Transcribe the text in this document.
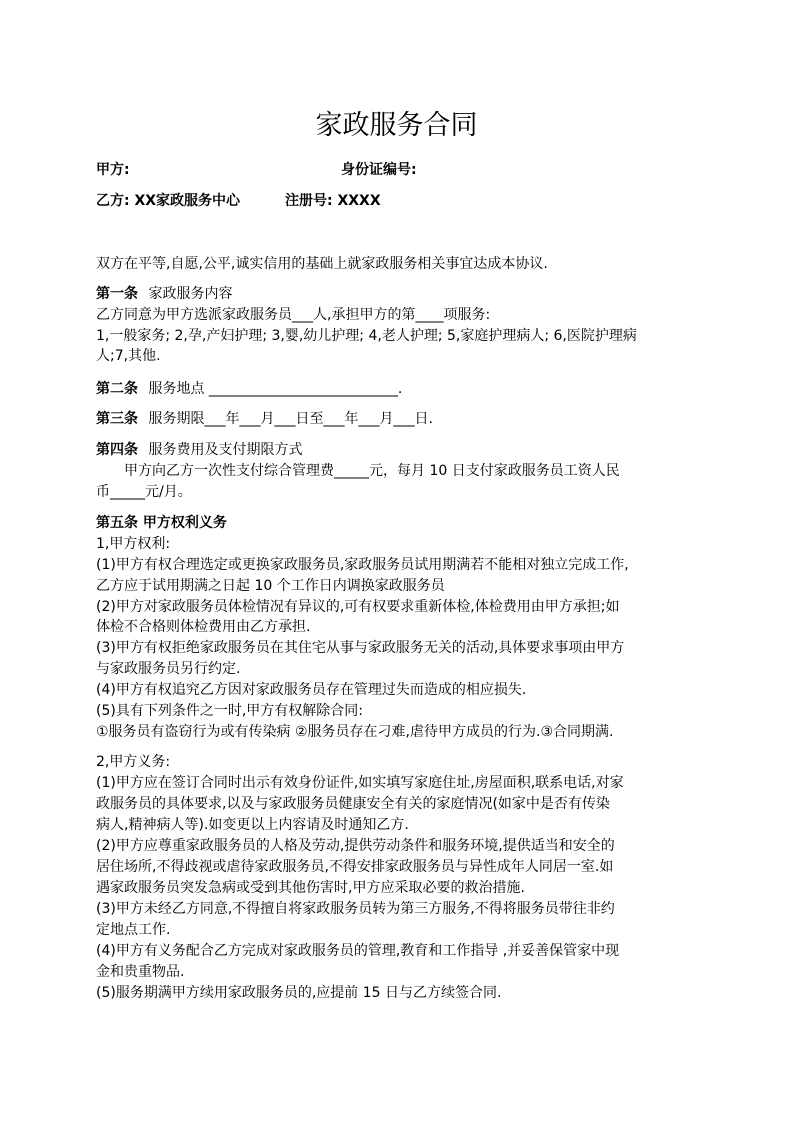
家政服务合同
甲方:	身份证编号:
乙方: XX家政服务中心	注册号: XXXX
双方在平等,自愿,公平,诚实信用的基础上就家政服务相关事宜达成本协议.
第一条 家政服务内容
乙方同意为甲方选派家政服务员___人,承担甲方的第____项服务:
1,一般家务; 2,孕,产妇护理; 3,婴,幼儿护理; 4,老人护理; 5,家庭护理病人; 6,医院护理病
人;7,其他.
第二条 服务地点 ___________________________.
第三条 服务期限___年___月___日至___年___月___日.
第四条 服务费用及支付期限方式
甲方向乙方一次性支付综合管理费_____元，每月 10 日支付家政服务员工资人民
币_____元/月。
第五条 甲方权利义务
1,甲方权利:
(1)甲方有权合理选定或更换家政服务员,家政服务员试用期满若不能相对独立完成工作,
乙方应于试用期满之日起 10 个工作日内调换家政服务员
(2)甲方对家政服务员体检情况有异议的,可有权要求重新体检,体检费用由甲方承担;如
体检不合格则体检费用由乙方承担.
(3)甲方有权拒绝家政服务员在其住宅从事与家政服务无关的活动,具体要求事项由甲方
与家政服务员另行约定.
(4)甲方有权追究乙方因对家政服务员存在管理过失而造成的相应损失.
(5)具有下列条件之一时,甲方有权解除合同:
①服务员有盗窃行为或有传染病 ②服务员存在刁难,虐待甲方成员的行为.③合同期满.
2,甲方义务:
(1)甲方应在签订合同时出示有效身份证件,如实填写家庭住址,房屋面积,联系电话,对家
政服务员的具体要求,以及与家政服务员健康安全有关的家庭情况(如家中是否有传染
病人,精神病人等).如变更以上内容请及时通知乙方.
(2)甲方应尊重家政服务员的人格及劳动,提供劳动条件和服务环境,提供适当和安全的
居住场所,不得歧视或虐待家政服务员,不得安排家政服务员与异性成年人同居一室.如
遇家政服务员突发急病或受到其他伤害时,甲方应采取必要的救治措施.
(3)甲方未经乙方同意,不得擅自将家政服务员转为第三方服务,不得将服务员带往非约
定地点工作.
(4)甲方有义务配合乙方完成对家政服务员的管理,教育和工作指导 ,并妥善保管家中现
金和贵重物品.
(5)服务期满甲方续用家政服务员的,应提前 15 日与乙方续签合同.
